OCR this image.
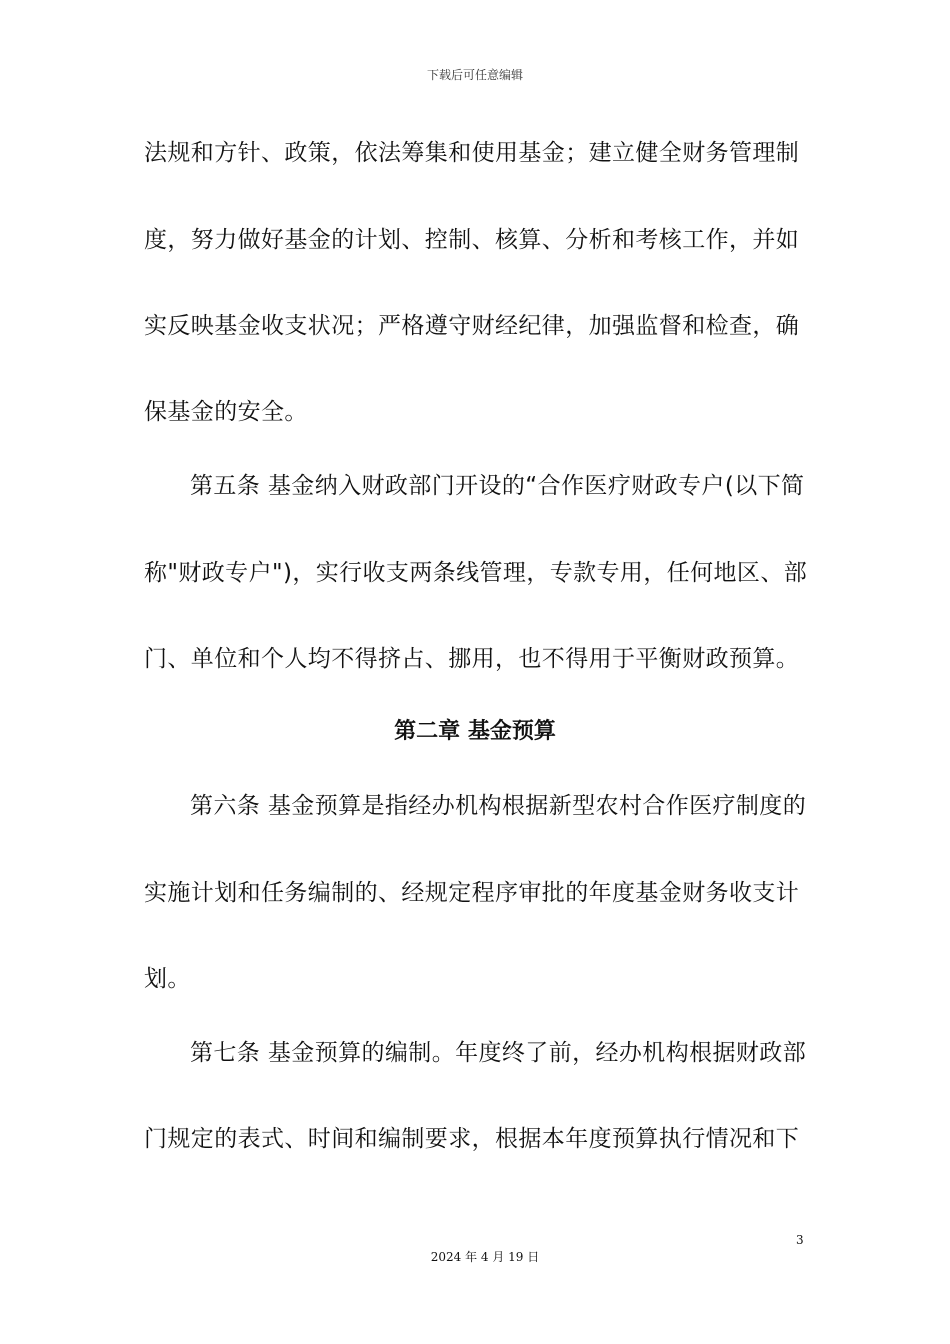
下载后可任意编辑
法规和方针、政策，依法筹集和使用基金；建立健全财务管理制
度，努力做好基金的计划、控制、核算、分析和考核工作，并如
实反映基金收支状况；严格遵守财经纪律，加强监督和检查，确
保基金的安全。
第五条 基金纳入财政部门开设的“合作医疗财政专户(以下简
称"财政专户")，实行收支两条线管理，专款专用，任何地区、部
门、单位和个人均不得挤占、挪用，也不得用于平衡财政预算。
第二章 基金预算
第六条 基金预算是指经办机构根据新型农村合作医疗制度的
实施计划和任务编制的、经规定程序审批的年度基金财务收支计
划。
第七条 基金预算的编制。年度终了前，经办机构根据财政部
门规定的表式、时间和编制要求，根据本年度预算执行情况和下
3
2024 年 4 月 19 日
